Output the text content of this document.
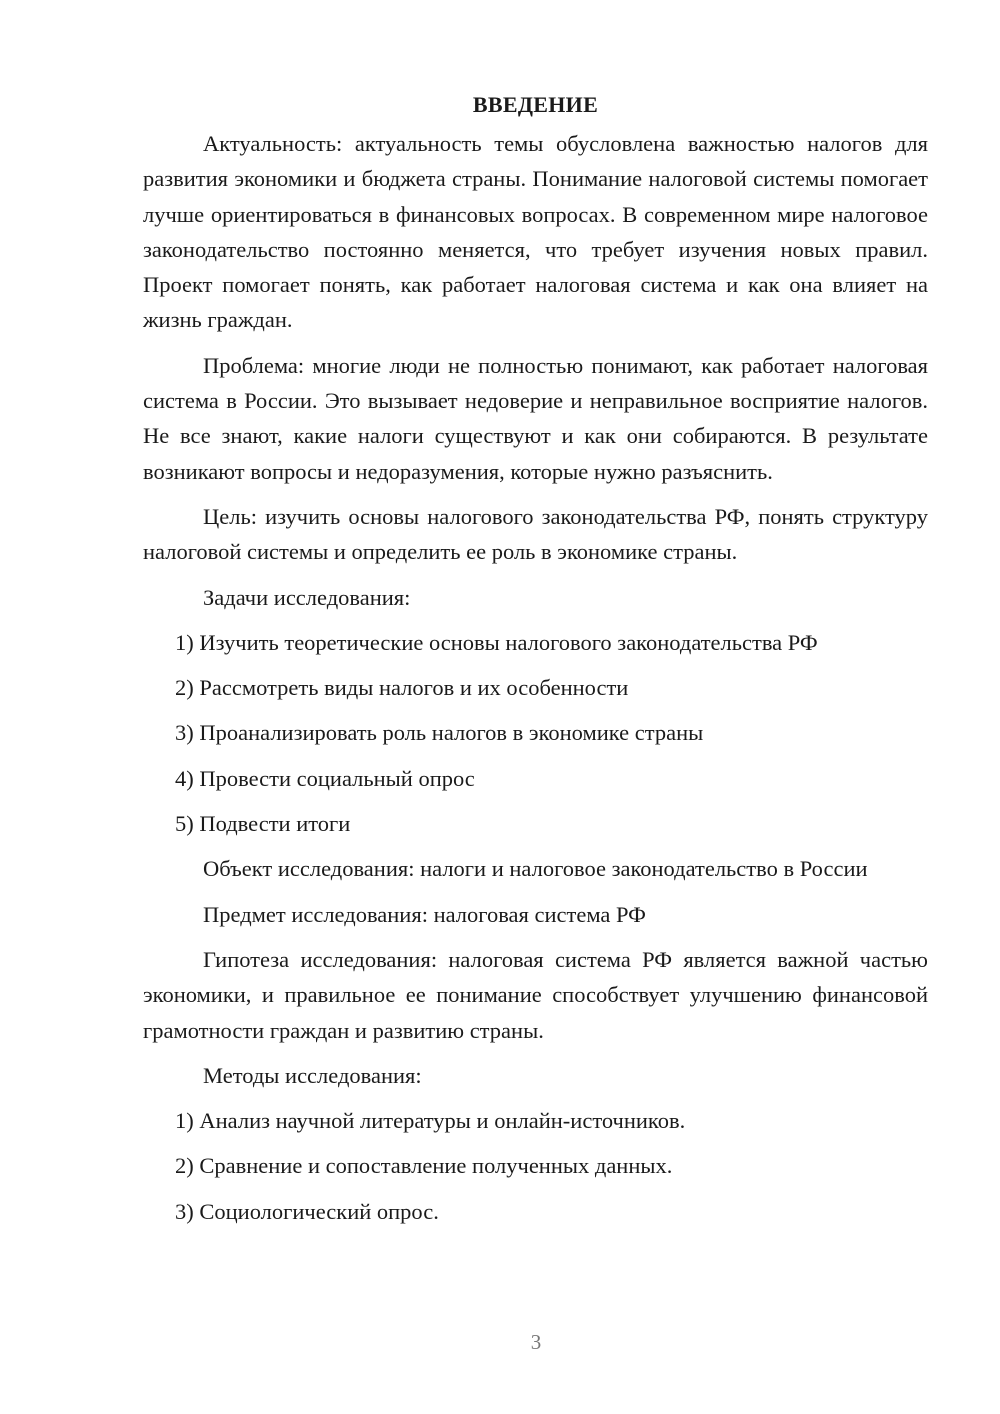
ВВЕДЕНИЕ

Актуальность: актуальность темы обусловлена важностью налогов для развития экономики и бюджета страны. Понимание налоговой системы помогает лучше ориентироваться в финансовых вопросах. В современном мире налоговое законодательство постоянно меняется, что требует изучения новых правил. Проект помогает понять, как работает налоговая система и как она влияет на жизнь граждан.

Проблема: многие люди не полностью понимают, как работает налоговая система в России. Это вызывает недоверие и неправильное восприятие налогов. Не все знают, какие налоги существуют и как они собираются. В результате возникают вопросы и недоразумения, которые нужно разъяснить.

Цель: изучить основы налогового законодательства РФ, понять структуру налоговой системы и определить ее роль в экономике страны.

Задачи исследования:
1) Изучить теоретические основы налогового законодательства РФ
2) Рассмотреть виды налогов и их особенности
3) Проанализировать роль налогов в экономике страны
4) Провести социальный опрос
5) Подвести итоги

Объект исследования: налоги и налоговое законодательство в России

Предмет исследования: налоговая система РФ

Гипотеза исследования: налоговая система РФ является важной частью экономики, и правильное ее понимание способствует улучшению финансовой грамотности граждан и развитию страны.

Методы исследования:
1) Анализ научной литературы и онлайн-источников.
2) Сравнение и сопоставление полученных данных.
3) Социологический опрос.
3
